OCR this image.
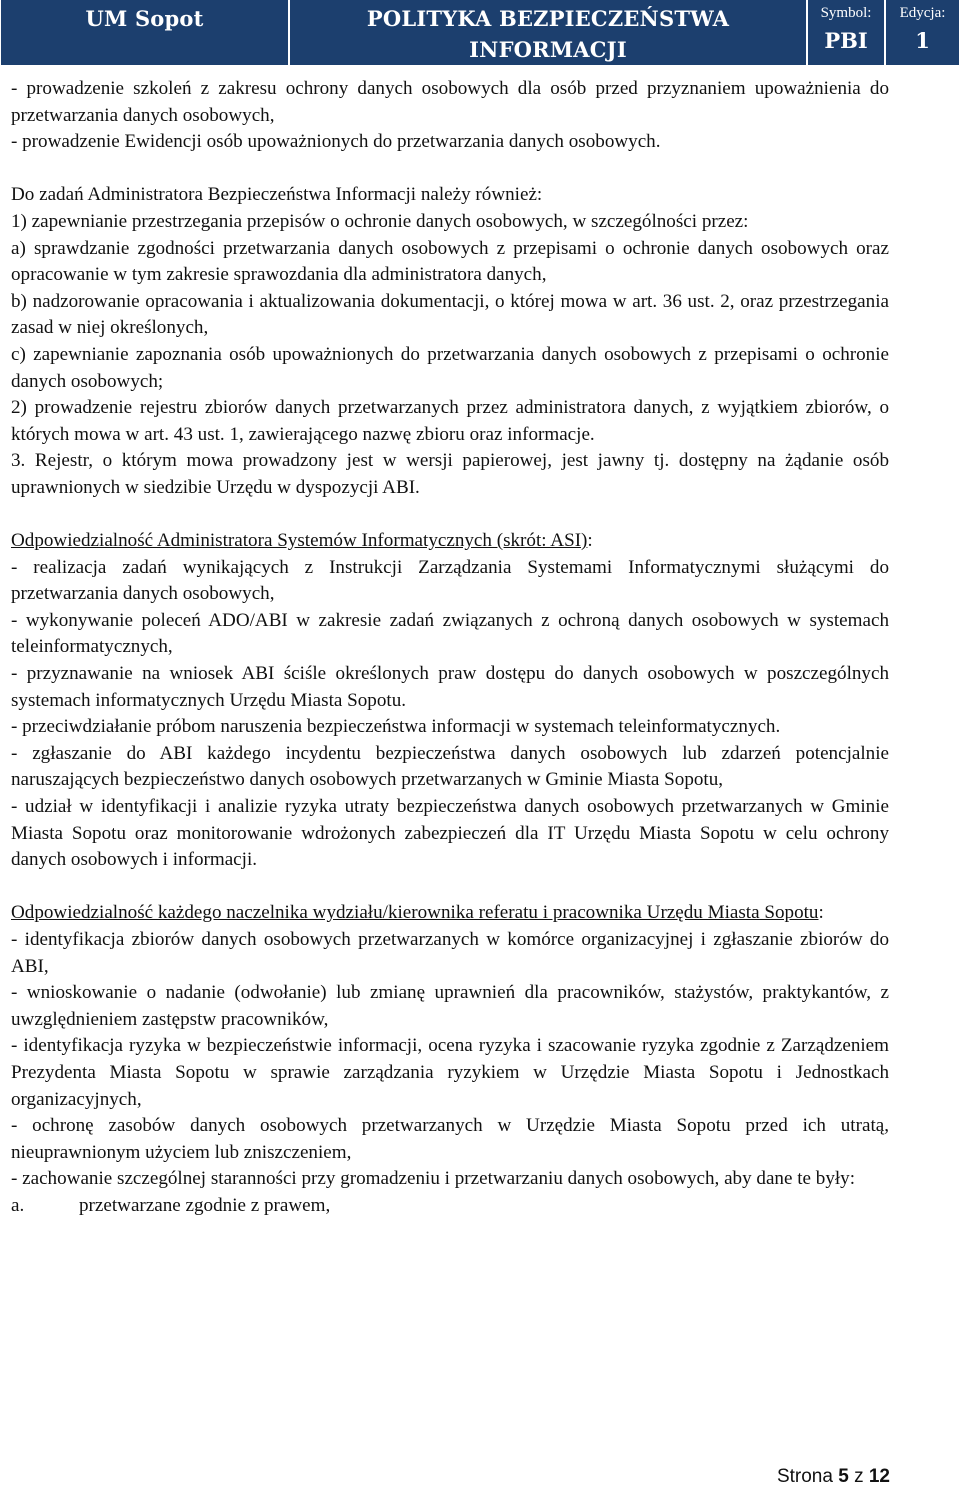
UM Sopot	POLITYKA BEZPIECZEŃSTWA
INFORMACJI
Symbol:
PBI
Edycja:
1

- prowadzenie szkoleń z zakresu ochrony danych osobowych dla osób przed przyznaniem upoważnienia do przetwarzania danych osobowych,

- prowadzenie Ewidencji osób upoważnionych do przetwarzania danych osobowych.

Do zadań Administratora Bezpieczeństwa Informacji należy również:

1) zapewnianie przestrzegania przepisów o ochronie danych osobowych, w szczególności przez:

a) sprawdzanie zgodności przetwarzania danych osobowych z przepisami o ochronie danych osobowych oraz opracowanie w tym zakresie sprawozdania dla administratora danych,

b) nadzorowanie opracowania i aktualizowania dokumentacji, o której mowa w art. 36 ust. 2, oraz przestrzegania zasad w niej określonych,

c) zapewnianie zapoznania osób upoważnionych do przetwarzania danych osobowych z przepisami o ochronie danych osobowych;

2) prowadzenie rejestru zbiorów danych przetwarzanych przez administratora danych, z wyjątkiem zbiorów, o których mowa w art. 43 ust. 1, zawierającego nazwę zbioru oraz informacje.

3. Rejestr, o którym mowa prowadzony jest w wersji papierowej, jest jawny tj. dostępny na żądanie osób uprawnionych w siedzibie Urzędu w dyspozycji ABI.

Odpowiedzialność Administratora Systemów Informatycznych (skrót: ASI):

- realizacja zadań wynikających z Instrukcji Zarządzania Systemami Informatycznymi służącymi do przetwarzania danych osobowych,

- wykonywanie poleceń ADO/ABI w zakresie zadań związanych z ochroną danych osobowych w systemach teleinformatycznych,

- przyznawanie na wniosek ABI ściśle określonych praw dostępu do danych osobowych w poszczególnych systemach informatycznych Urzędu Miasta Sopotu.

- przeciwdziałanie próbom naruszenia bezpieczeństwa informacji w systemach teleinformatycznych.

- zgłaszanie do ABI każdego incydentu bezpieczeństwa danych osobowych lub zdarzeń potencjalnie naruszających bezpieczeństwo danych osobowych przetwarzanych w Gminie Miasta Sopotu,

- udział w identyfikacji i analizie ryzyka utraty bezpieczeństwa danych osobowych przetwarzanych w Gminie Miasta Sopotu oraz monitorowanie wdrożonych zabezpieczeń dla IT Urzędu Miasta Sopotu w celu ochrony danych osobowych i informacji.

Odpowiedzialność każdego naczelnika wydziału/kierownika referatu i pracownika Urzędu Miasta Sopotu:

- identyfikacja zbiorów danych osobowych przetwarzanych w komórce organizacyjnej i zgłaszanie zbiorów do ABI,

- wnioskowanie o nadanie (odwołanie) lub zmianę uprawnień dla pracowników, stażystów, praktykantów, z uwzględnieniem zastępstw pracowników,

- identyfikacja ryzyka w bezpieczeństwie informacji, ocena ryzyka i szacowanie ryzyka zgodnie z Zarządzeniem Prezydenta Miasta Sopotu w sprawie zarządzania ryzykiem w Urzędzie Miasta Sopotu i Jednostkach organizacyjnych,

- ochronę zasobów danych osobowych przetwarzanych w Urzędzie Miasta Sopotu przed ich utratą, nieuprawnionym użyciem lub zniszczeniem,

- zachowanie szczególnej staranności przy gromadzeniu i przetwarzaniu danych osobowych, aby dane te były:

a.	przetwarzane zgodnie z prawem,

Strona 5 z 12
